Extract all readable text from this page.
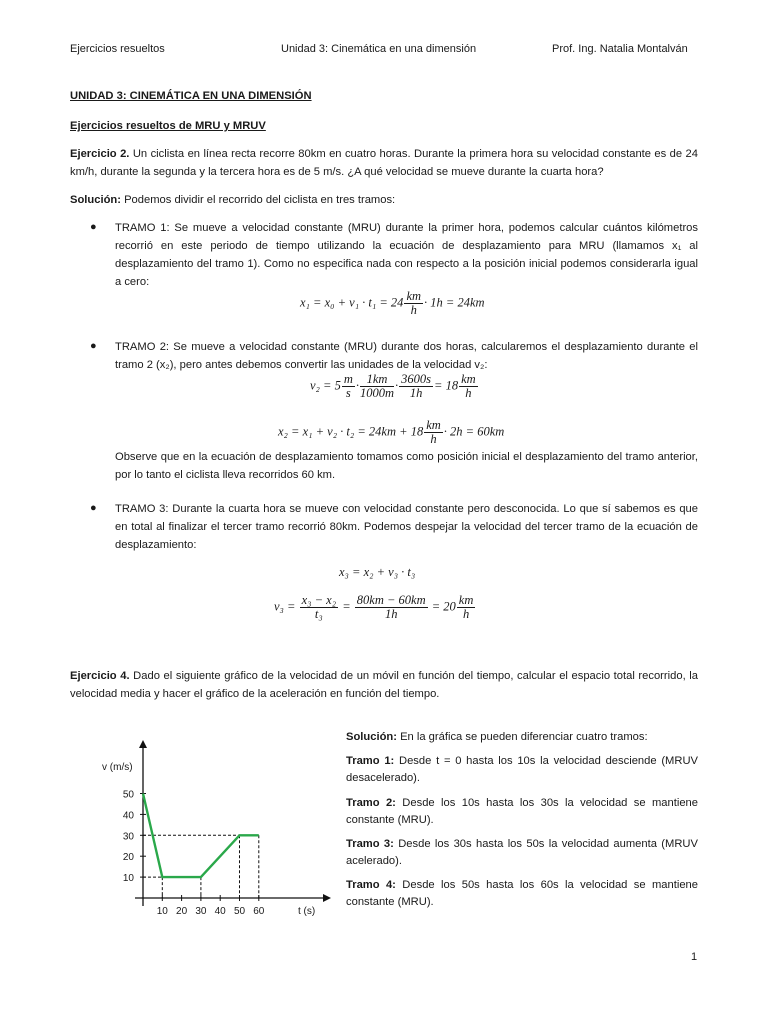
Ejercicios resueltos	Unidad 3: Cinemática en una dimensión	Prof. Ing. Natalia Montalván
UNIDAD 3: CINEMÁTICA EN UNA DIMENSIÓN
Ejercicios resueltos de MRU y MRUV
Ejercicio 2. Un ciclista en línea recta recorre 80km en cuatro horas. Durante la primera hora su velocidad constante es de 24 km/h, durante la segunda y la tercera hora es de 5 m/s. ¿A qué velocidad se mueve durante la cuarta hora?
Solución: Podemos dividir el recorrido del ciclista en tres tramos:
● TRAMO 1: Se mueve a velocidad constante (MRU) durante la primer hora, podemos calcular cuántos kilómetros recorrió en este periodo de tiempo utilizando la ecuación de desplazamiento para MRU (llamamos x₁ al desplazamiento del tramo 1). Como no especifica nada con respecto a la posición inicial podemos considerarla igual a cero:
$x_1 = x_0 + v_1 \cdot t_1 = 24 \frac{km}{h} \cdot 1h = 24km$
● TRAMO 2: Se mueve a velocidad constante (MRU) durante dos horas, calcularemos el desplazamiento durante el tramo 2 (x₂), pero antes debemos convertir las unidades de la velocidad v₂:
$v_2 = 5 \frac{m}{s} \cdot \frac{1km}{1000m} \cdot \frac{3600s}{1h} = 18 \frac{km}{h}$
$x_2 = x_1 + v_2 \cdot t_2 = 24km + 18 \frac{km}{h} \cdot 2h = 60km$
Observe que en la ecuación de desplazamiento tomamos como posición inicial el desplazamiento del tramo anterior, por lo tanto el ciclista lleva recorridos 60 km.
● TRAMO 3: Durante la cuarta hora se mueve con velocidad constante pero desconocida. Lo que sí sabemos es que en total al finalizar el tercer tramo recorrió 80km. Podemos despejar la velocidad del tercer tramo de la ecuación de desplazamiento:
x₃ = x₂ + v₃ · t₃
$v_3 = \frac{\text{x₃ − x₂}}{\text{t₃}} = \frac{80km - 60km}{1h} = 20 \frac{km}{h}$
Ejercicio 4. Dado el siguiente gráfico de la velocidad de un móvil en función del tiempo, calcular el espacio total recorrido, la velocidad media y hacer el gráfico de la aceleración en función del tiempo.
10 20 30 40 50 60
10
20
30
40
50
v (m/s)
t (s)
Solución: En la gráfica se pueden diferenciar cuatro tramos:
Tramo 1: Desde t = 0 hasta los 10s la velocidad desciende (MRUV desacelerado).
Tramo 2: Desde los 10s hasta los 30s la velocidad se mantiene constante (MRU).
Tramo 3: Desde los 30s hasta los 50s la velocidad aumenta (MRUV acelerado).
Tramo 4: Desde los 50s hasta los 60s la velocidad se mantiene constante (MRU).
1
